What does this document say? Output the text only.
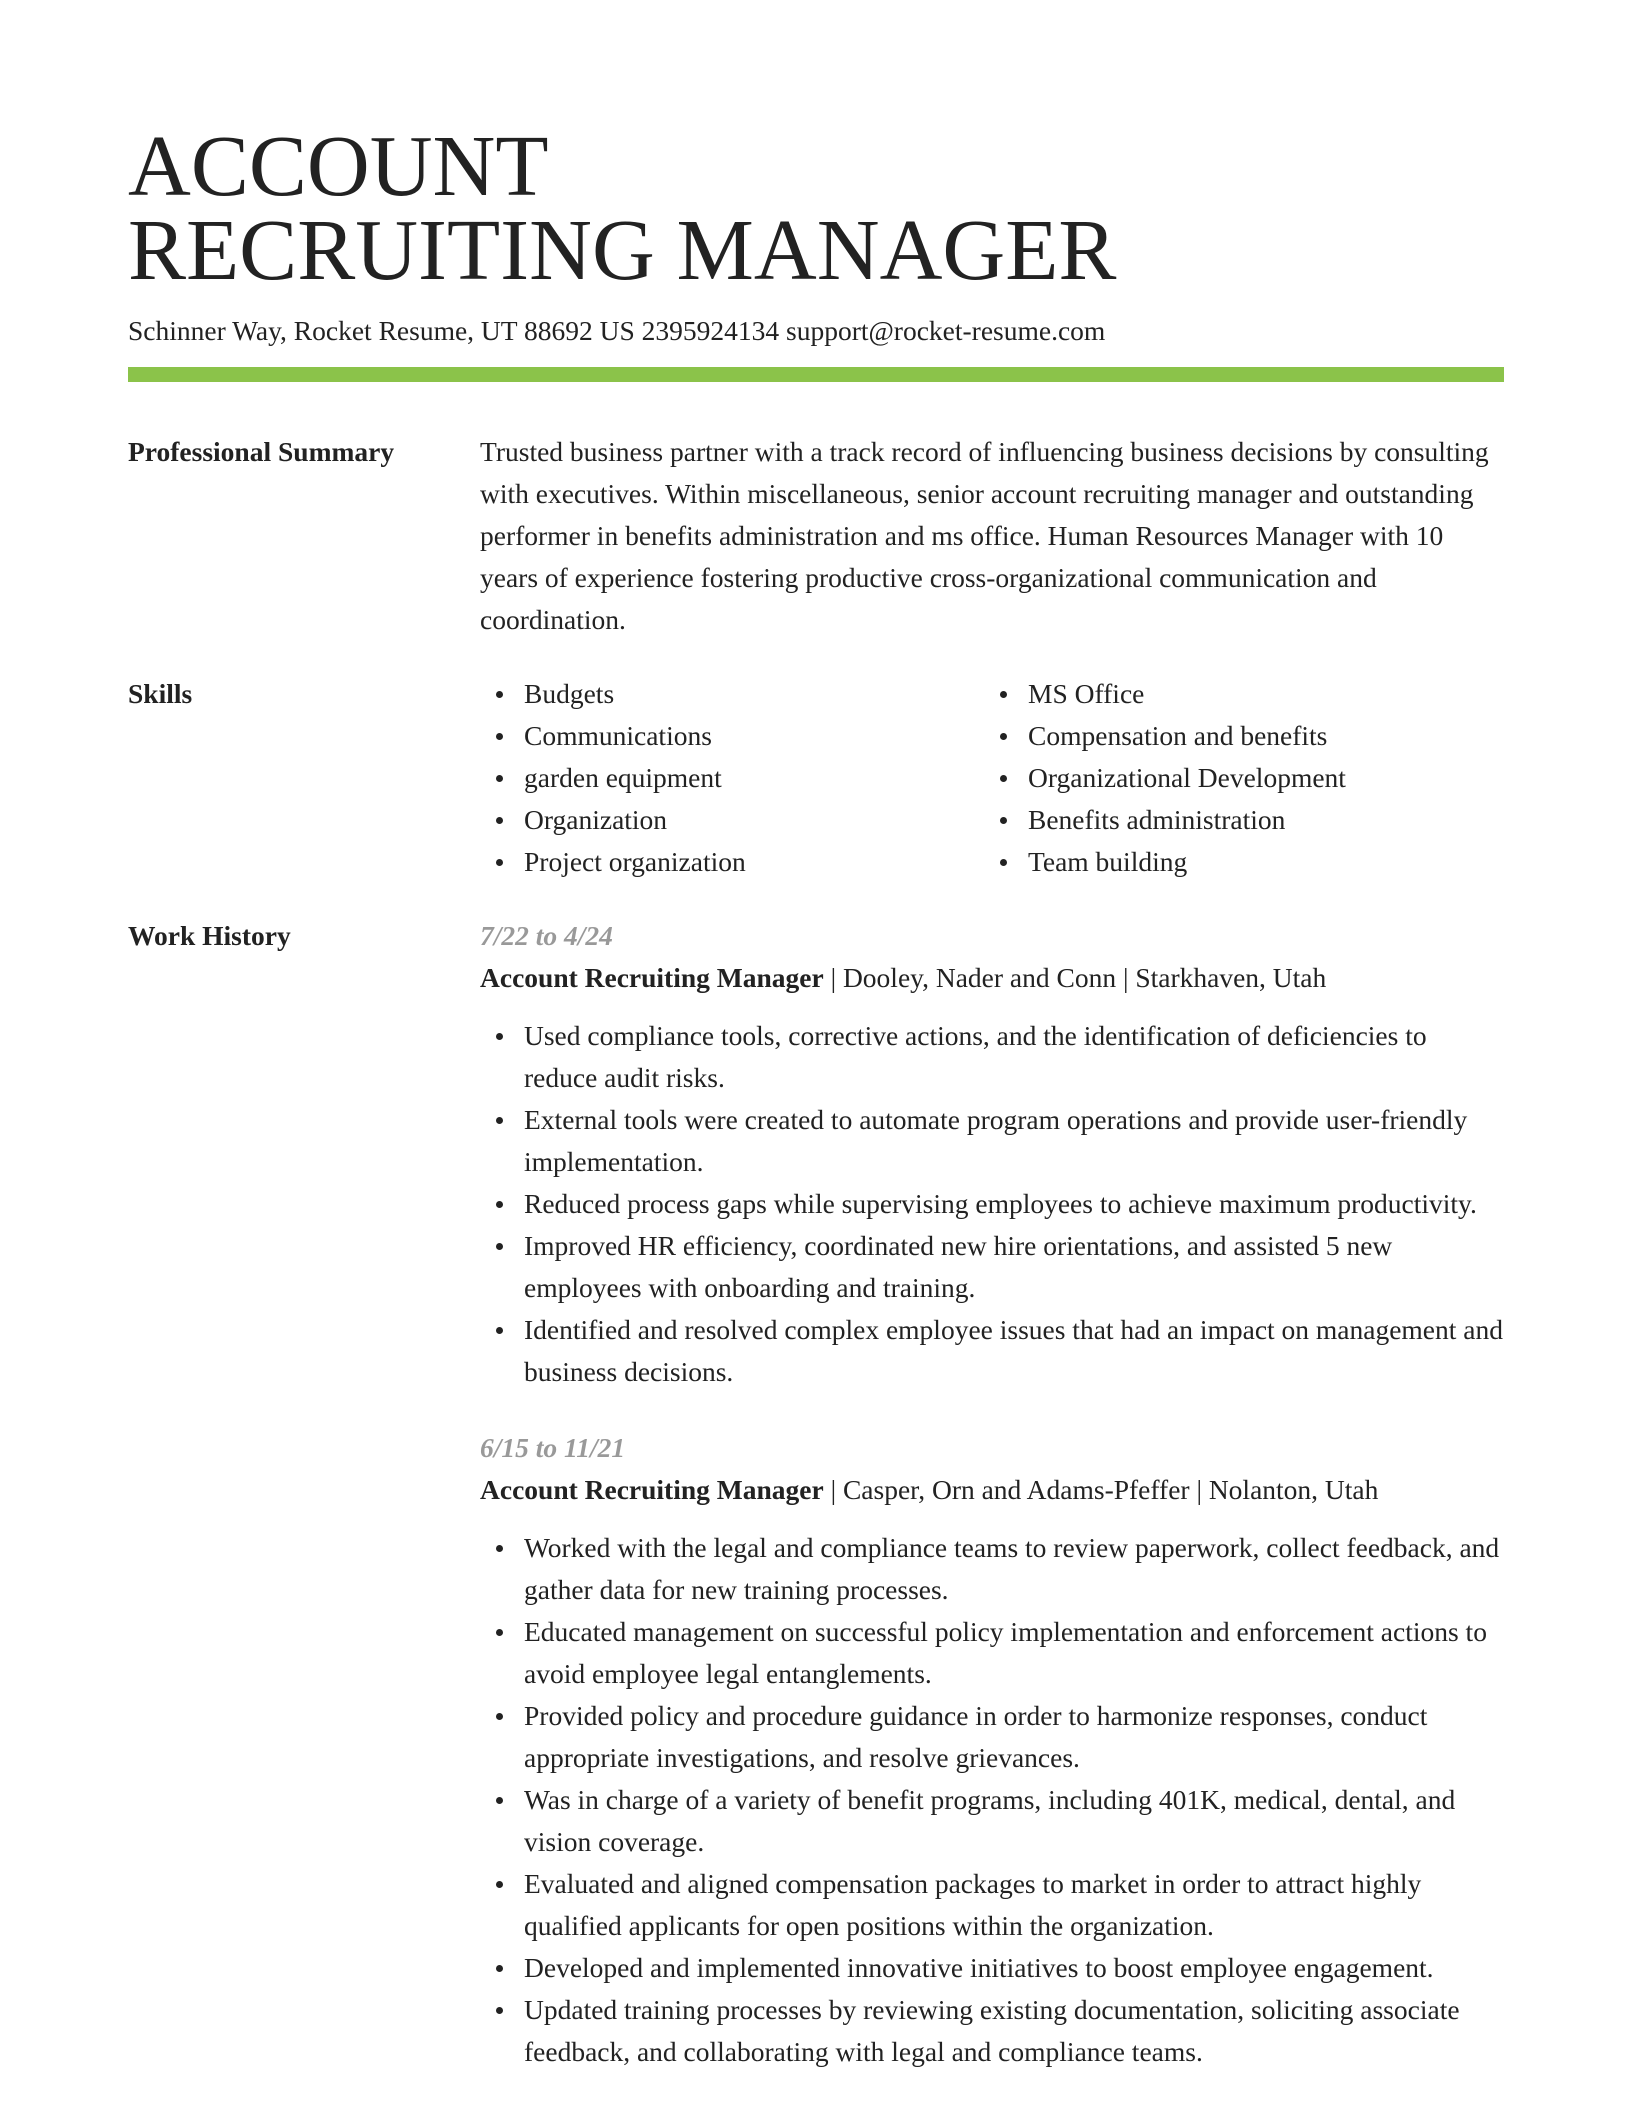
ACCOUNT
RECRUITING MANAGER
Schinner Way, Rocket Resume, UT 88692 US 2395924134 support@rocket-resume.com
Professional Summary	Trusted business partner with a track record of influencing business decisions by consulting with executives. Within miscellaneous, senior account recruiting manager and outstanding performer in benefits administration and ms office. Human Resources Manager with 10 years of experience fostering productive cross-organizational communication and coordination.
Skills	Budgets
Communications
garden equipment
Organization
Project organization
MS Office
Compensation and benefits
Organizational Development
Benefits administration
Team building
Work History	7/22 to 4/24
Account Recruiting Manager | Dooley, Nader and Conn | Starkhaven, Utah
Used compliance tools, corrective actions, and the identification of deficiencies to reduce audit risks.
External tools were created to automate program operations and provide user-friendly implementation.
Reduced process gaps while supervising employees to achieve maximum productivity.
Improved HR efficiency, coordinated new hire orientations, and assisted 5 new employees with onboarding and training.
Identified and resolved complex employee issues that had an impact on management and business decisions.
6/15 to 11/21
Account Recruiting Manager | Casper, Orn and Adams-Pfeffer | Nolanton, Utah
Worked with the legal and compliance teams to review paperwork, collect feedback, and gather data for new training processes.
Educated management on successful policy implementation and enforcement actions to avoid employee legal entanglements.
Provided policy and procedure guidance in order to harmonize responses, conduct appropriate investigations, and resolve grievances.
Was in charge of a variety of benefit programs, including 401K, medical, dental, and vision coverage.
Evaluated and aligned compensation packages to market in order to attract highly qualified applicants for open positions within the organization.
Developed and implemented innovative initiatives to boost employee engagement.
Updated training processes by reviewing existing documentation, soliciting associate feedback, and collaborating with legal and compliance teams.
